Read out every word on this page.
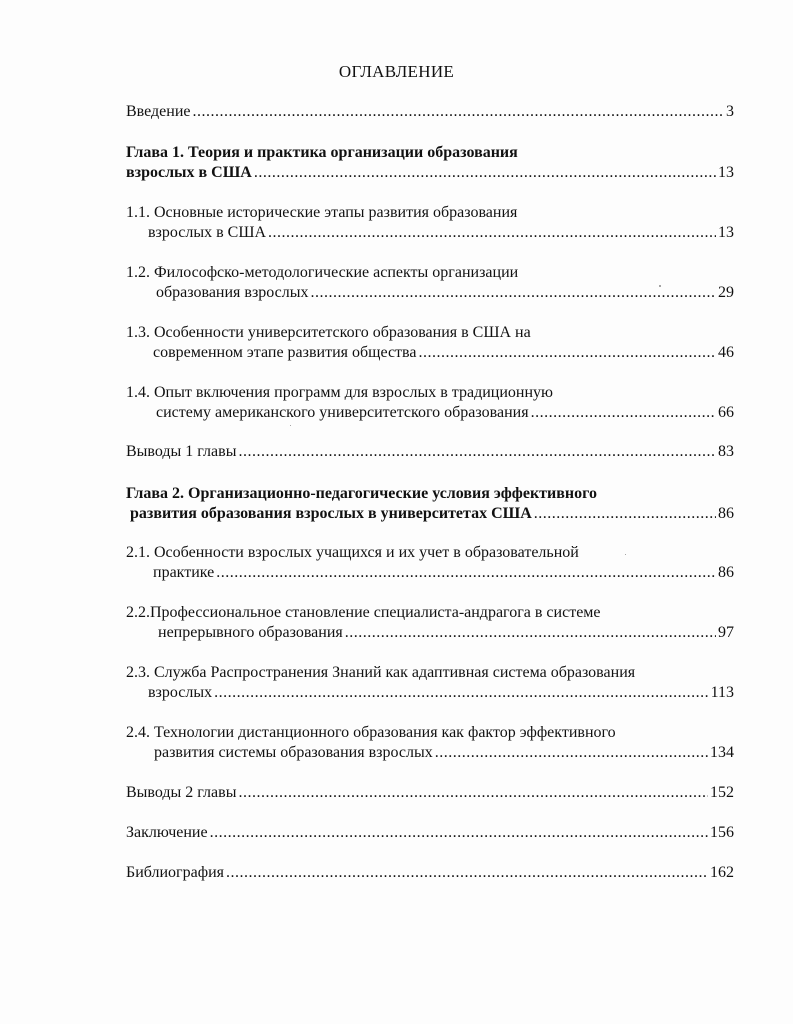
ОГЛАВЛЕНИЕ
Введение .....	3
Глава 1. Теория и практика организации образования
взрослых в США .....	13
1.1. Основные исторические этапы развития образования
взрослых в США .....	13
1.2. Философско-методологические аспекты организации
образования взрослых .....	29
1.3. Особенности университетского образования в США на
современном этапе развития общества .....	46
1.4. Опыт включения программ для взрослых в традиционную
систему американского университетского образования .....	66
Выводы 1 главы .....	83
Глава 2. Организационно-педагогические условия эффективного
развития образования взрослых в университетах США .....	86
2.1. Особенности взрослых учащихся и их учет в образовательной
практике .....	86
2.2.Профессиональное становление специалиста-андрагога в системе
непрерывного образования .....	97
2.3. Служба Распространения Знаний как адаптивная система образования
взрослых .....	113
2.4. Технологии дистанционного образования как фактор эффективного
развития системы образования взрослых .....	134
Выводы 2 главы .....	152
Заключение .....	156
Библиография .....	162
